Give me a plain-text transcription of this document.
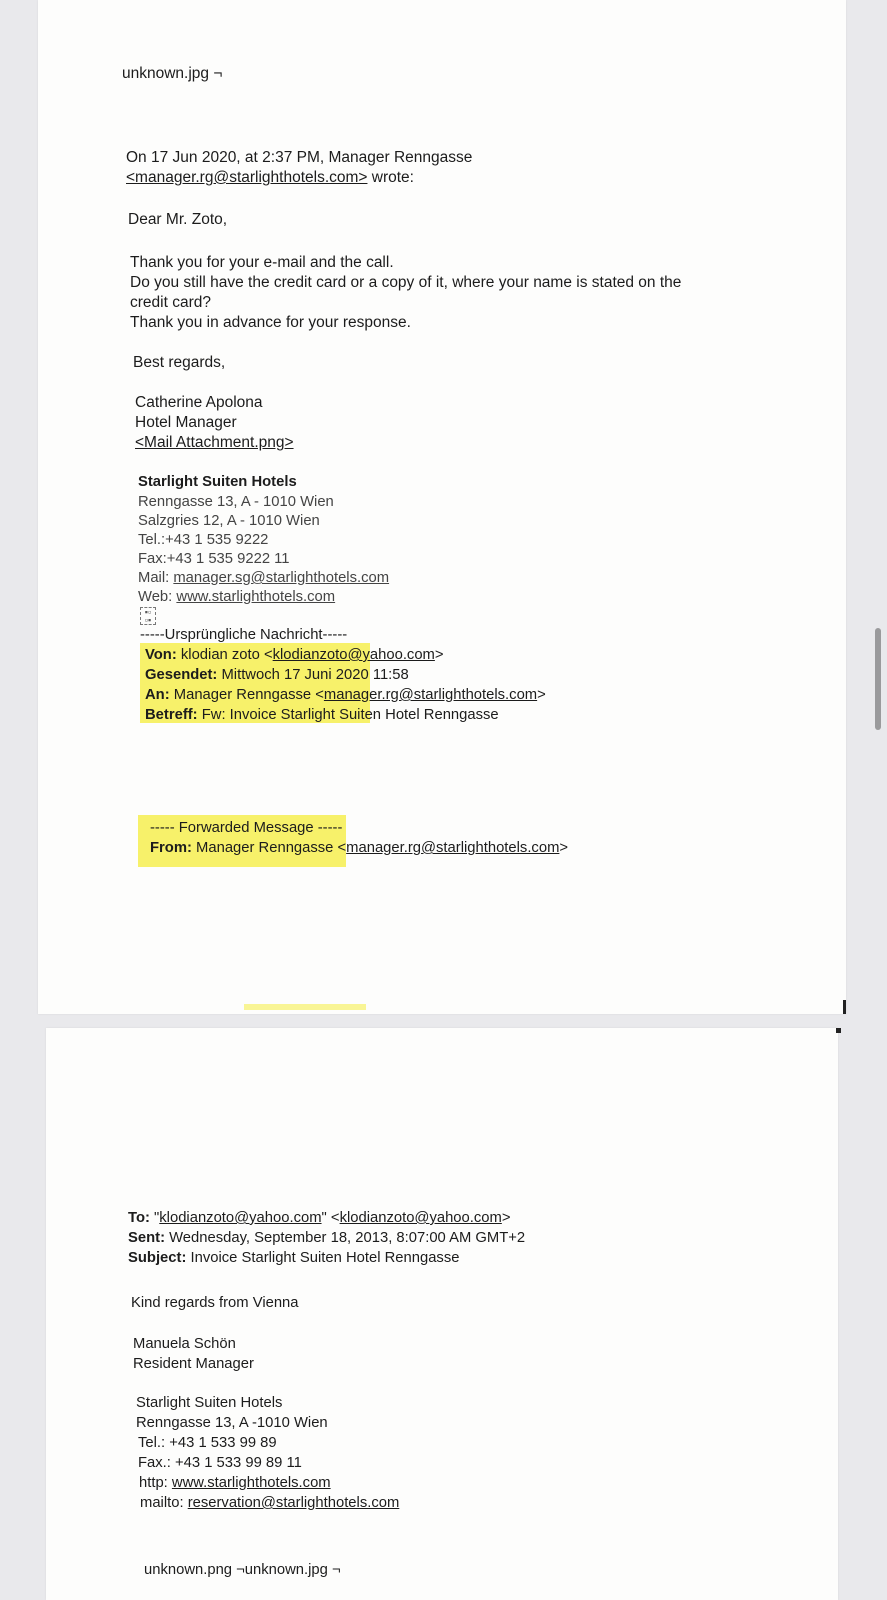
unknown.jpg ¬
On 17 Jun 2020, at 2:37 PM, Manager Renngasse
<manager.rg@starlighthotels.com> wrote:
Dear Mr. Zoto,
Thank you for your e-mail and the call.
Do you still have the credit card or a copy of it, where your name is stated on the
credit card?
Thank you in advance for your response.
Best regards,
Catherine Apolona
Hotel Manager
<Mail Attachment.png>
Starlight Suiten Hotels
Renngasse 13, A - 1010 Wien
Salzgries 12, A - 1010 Wien
Tel.:+43 1 535 9222
Fax:+43 1 535 9222 11
Mail: manager.sg@starlighthotels.com
Web: www.starlighthotels.com
▪▫
▫▪
-----Ursprüngliche Nachricht-----
Von: klodian zoto <klodianzoto@yahoo.com>
Gesendet: Mittwoch 17 Juni 2020 11:58
An: Manager Renngasse <manager.rg@starlighthotels.com>
Betreff: Fw: Invoice Starlight Suiten Hotel Renngasse
----- Forwarded Message -----
From: Manager Renngasse <manager.rg@starlighthotels.com>
To: "klodianzoto@yahoo.com" <klodianzoto@yahoo.com>
Sent: Wednesday, September 18, 2013, 8:07:00 AM GMT+2
Subject: Invoice Starlight Suiten Hotel Renngasse
Kind regards from Vienna
Manuela Schön
Resident Manager
Starlight Suiten Hotels
Renngasse 13, A -1010 Wien
Tel.: +43 1 533 99 89
Fax.: +43 1 533 99 89 11
http: www.starlighthotels.com
mailto: reservation@starlighthotels.com
unknown.png ¬unknown.jpg ¬
